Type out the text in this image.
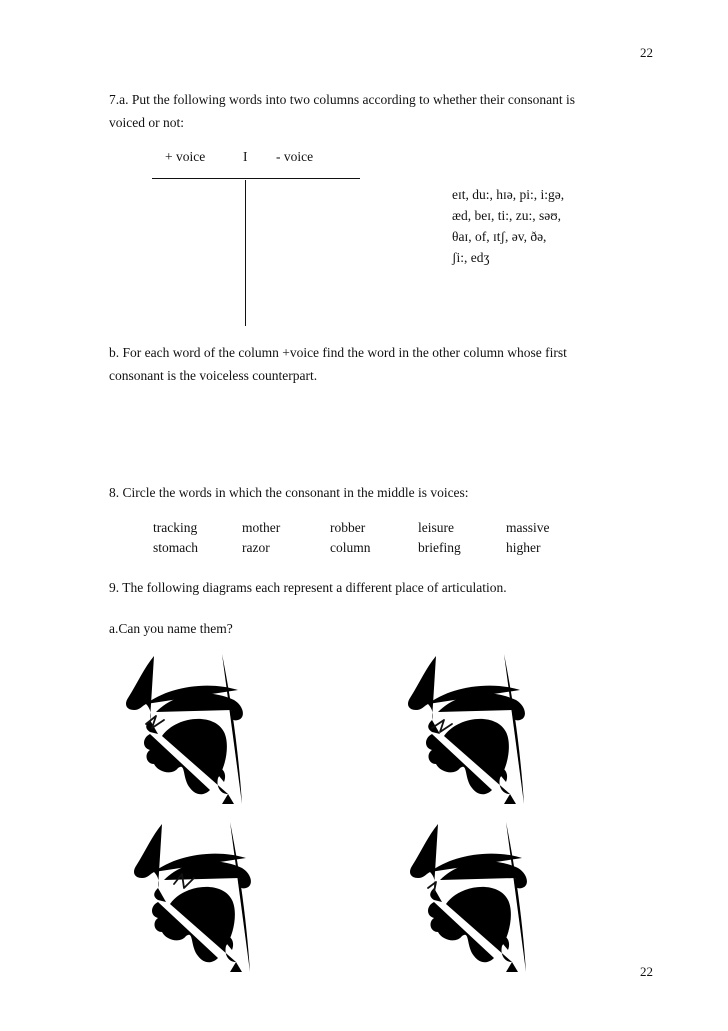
22
22
7.a. Put the following words into two columns according to whether their consonant is
voiced or not:
+ voice	I - voice
eɪt, du:, hɪə, pi:, i:gə,
æd, beɪ, ti:, zu:, səʊ,
θaɪ, of, ɪtʃ, əv, ðə,
ʃi:, edʒ
b. For each word of the column +voice find the word in the other column whose first
consonant is the voiceless counterpart.
8. Circle the words in which the consonant in the middle is voices:
tracking	mother	robber	leisure	massive
stomach	razor	column	briefing	higher
9. The following diagrams each represent a different place of articulation.
a.Can you name them?
